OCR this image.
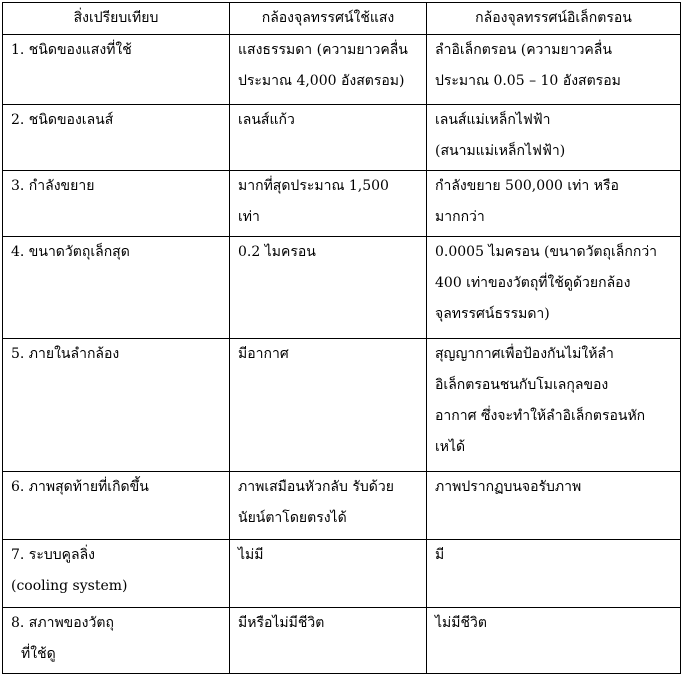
สิ่งเปรียบเทียบ	กล้องจุลทรรศน์ใช้แสง	กล้องจุลทรรศน์อิเล็กตรอน

1. ชนิดของแสงที่ใช้	แสงธรรมดา (ความยาวคลื่น
ประมาณ 4,000 อังสตรอม)	ลำอิเล็กตรอน (ความยาวคลื่น
ประมาณ 0.05 – 10 อังสตรอม

2. ชนิดของเลนส์	เลนส์แก้ว	เลนส์แม่เหล็กไฟฟ้า
(สนามแม่เหล็กไฟฟ้า)

3. กำลังขยาย	มากที่สุดประมาณ 1,500
เท่า	กำลังขยาย 500,000 เท่า หรือ
มากกว่า

4. ขนาดวัตถุเล็กสุด	0.2 ไมครอน	0.0005 ไมครอน (ขนาดวัตถุเล็กกว่า
400 เท่าของวัตถุที่ใช้ดูด้วยกล้อง
จุลทรรศน์ธรรมดา)

5. ภายในลำกล้อง	มีอากาศ	สุญญากาศเพื่อป้องกันไม่ให้ลำ
อิเล็กตรอนชนกับโมเลกุลของ
อากาศ ซึ่งจะทำให้ลำอิเล็กตรอนหัก
เหได้

6. ภาพสุดท้ายที่เกิดขึ้น	ภาพเสมือนหัวกลับ รับด้วย
นัยน์ตาโดยตรงได้	ภาพปรากฏบนจอรับภาพ

7. ระบบคูลลิ่ง
(cooling system)	ไม่มี	มี

8. สภาพของวัตถุ
ที่ใช้ดู	มีหรือไม่มีชีวิต	ไม่มีชีวิต
